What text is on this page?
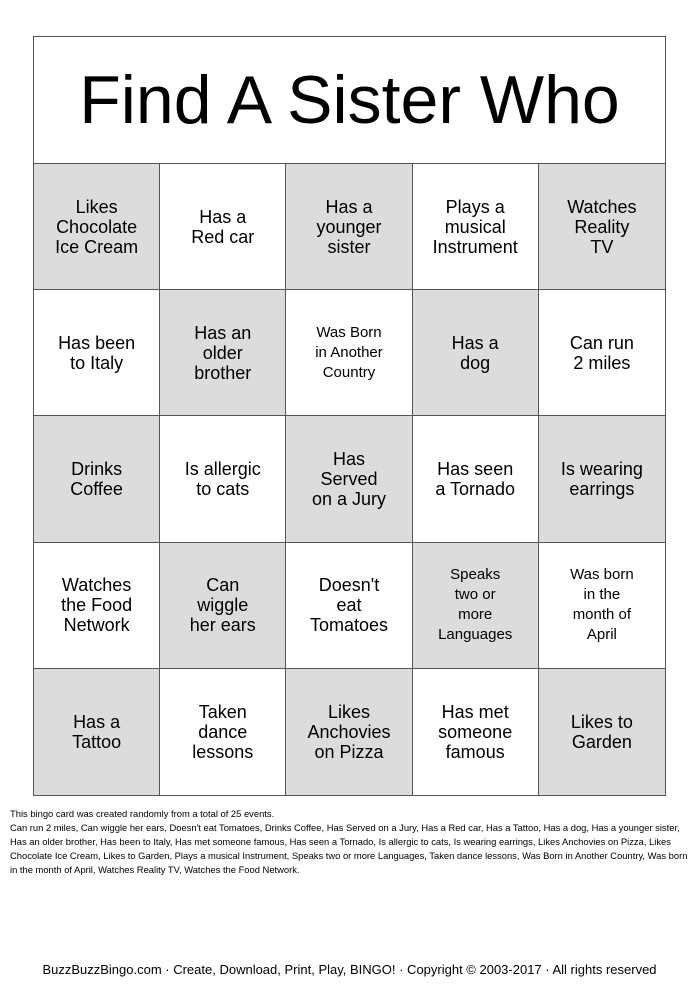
Find A Sister Who
Likes
Chocolate
Ice Cream
Has a
Red car
Has a
younger
sister
Plays a
musical
Instrument
Watches
Reality
TV
Has been
to Italy
Has an
older
brother
Was Born
in Another
Country
Has a
dog
Can run
2 miles
Drinks
Coffee
Is allergic
to cats
Has
Served
on a Jury
Has seen
a Tornado
Is wearing
earrings
Watches
the Food
Network
Can
wiggle
her ears
Doesn't
eat
Tomatoes
Speaks
two or
more
Languages
Was born
in the
month of
April
Has a
Tattoo
Taken
dance
lessons
Likes
Anchovies
on Pizza
Has met
someone
famous
Likes to
Garden
This bingo card was created randomly from a total of 25 events.
Can run 2 miles, Can wiggle her ears, Doesn't eat Tomatoes, Drinks Coffee, Has Served on a Jury, Has a Red car, Has a Tattoo, Has a dog, Has a younger sister, Has an older brother, Has been to Italy, Has met someone famous, Has seen a Tornado, Is allergic to cats, Is wearing earrings, Likes Anchovies on Pizza, Likes Chocolate Ice Cream, Likes to Garden, Plays a musical Instrument, Speaks two or more Languages, Taken dance lessons, Was Born in Another Country, Was born in the month of April, Watches Reality TV, Watches the Food Network.
BuzzBuzzBingo.com · Create, Download, Print, Play, BINGO! · Copyright © 2003-2017 · All rights reserved
